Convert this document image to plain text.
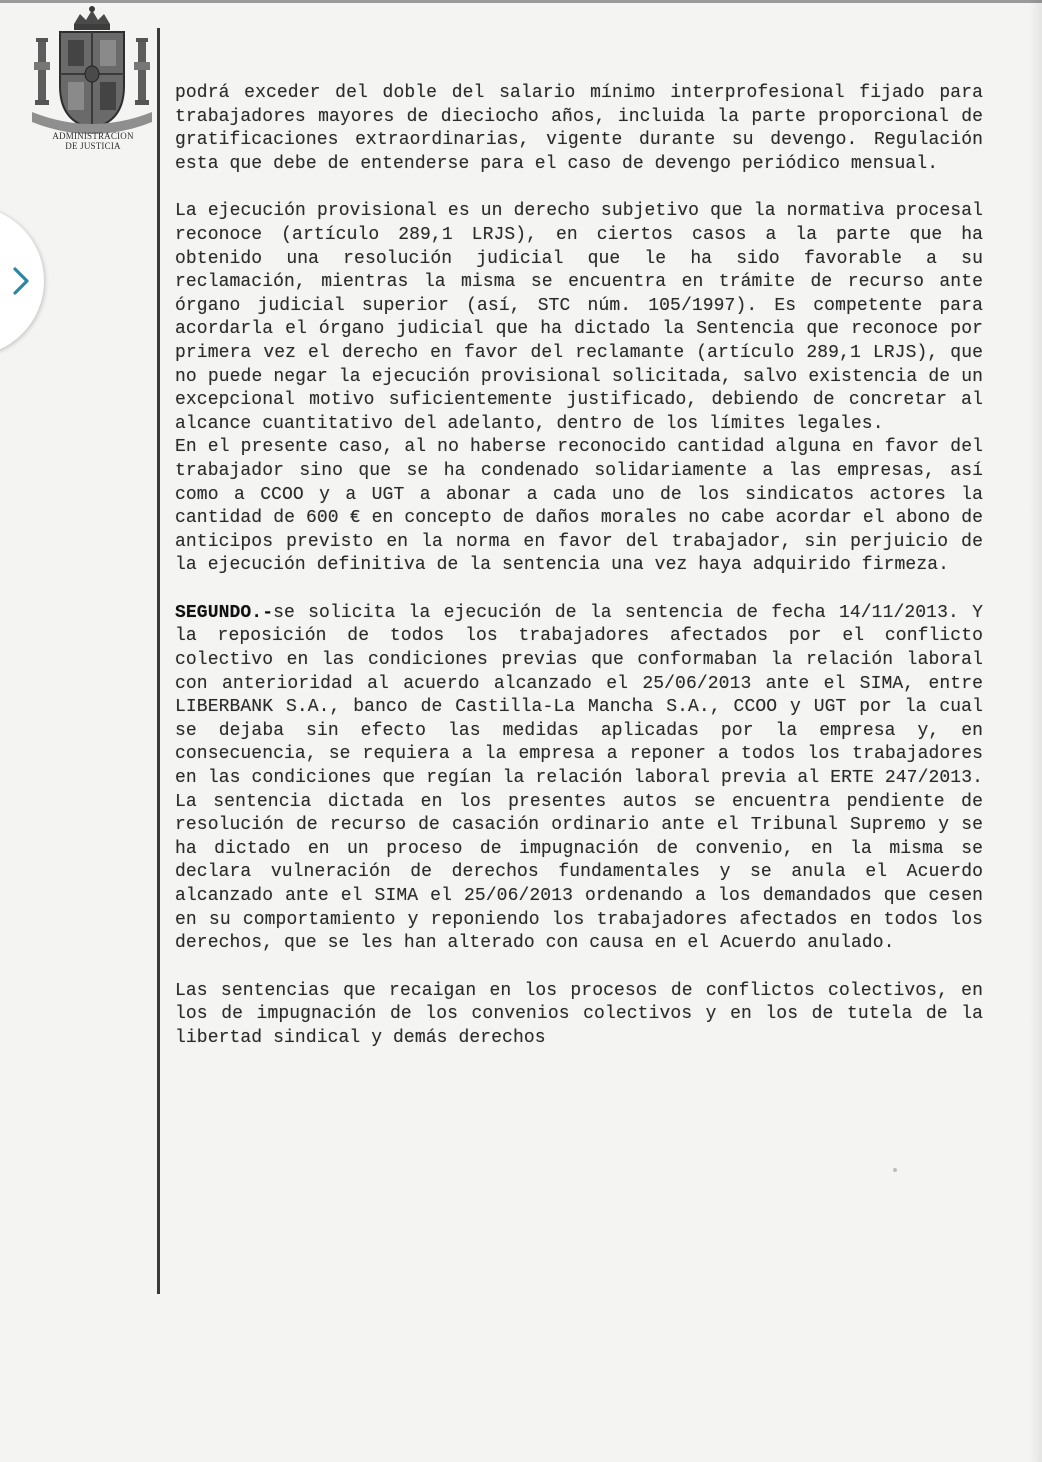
ADMINISTRACION
DE JUSTICIA

podrá exceder del doble del salario mínimo interprofesional fijado para trabajadores mayores de dieciocho años, incluida la parte proporcional de gratificaciones extraordinarias, vigente durante su devengo. Regulación esta que debe de entenderse para el caso de devengo periódico mensual.

La ejecución provisional es un derecho subjetivo que la normativa procesal reconoce (artículo 289,1 LRJS), en ciertos casos a la parte que ha obtenido una resolución judicial que le ha sido favorable a su reclamación, mientras la misma se encuentra en trámite de recurso ante órgano judicial superior (así, STC núm. 105/1997). Es competente para acordarla el órgano judicial que ha dictado la Sentencia que reconoce por primera vez el derecho en favor del reclamante (artículo 289,1 LRJS), que no puede negar la ejecución provisional solicitada, salvo existencia de un excepcional motivo suficientemente justificado, debiendo de concretar al alcance cuantitativo del adelanto, dentro de los límites legales.

En el presente caso, al no haberse reconocido cantidad alguna en favor del trabajador sino que se ha condenado solidariamente a las empresas, así como a CCOO y a UGT a abonar a cada uno de los sindicatos actores la cantidad de 600 € en concepto de daños morales no cabe acordar el abono de anticipos previsto en la norma en favor del trabajador, sin perjuicio de la ejecución definitiva de la sentencia una vez haya adquirido firmeza.

SEGUNDO.-se solicita la ejecución de la sentencia de fecha 14/11/2013. Y la reposición de todos los trabajadores afectados por el conflicto colectivo en las condiciones previas que conformaban la relación laboral con anterioridad al acuerdo alcanzado el 25/06/2013 ante el SIMA, entre LIBERBANK S.A., banco de Castilla-La Mancha S.A., CCOO y UGT por la cual se dejaba sin efecto las medidas aplicadas por la empresa y, en consecuencia, se requiera a la empresa a reponer a todos los trabajadores en las condiciones que regían la relación laboral previa al ERTE 247/2013. La sentencia dictada en los presentes autos se encuentra pendiente de resolución de recurso de casación ordinario ante el Tribunal Supremo y se ha dictado en un proceso de impugnación de convenio, en la misma se declara vulneración de derechos fundamentales y se anula el Acuerdo alcanzado ante el SIMA el 25/06/2013 ordenando a los demandados que cesen en su comportamiento y reponiendo los trabajadores afectados en todos los derechos, que se les han alterado con causa en el Acuerdo anulado.

Las sentencias que recaigan en los procesos de conflictos colectivos, en los de impugnación de los convenios colectivos y en los de tutela de la libertad sindical y demás derechos
